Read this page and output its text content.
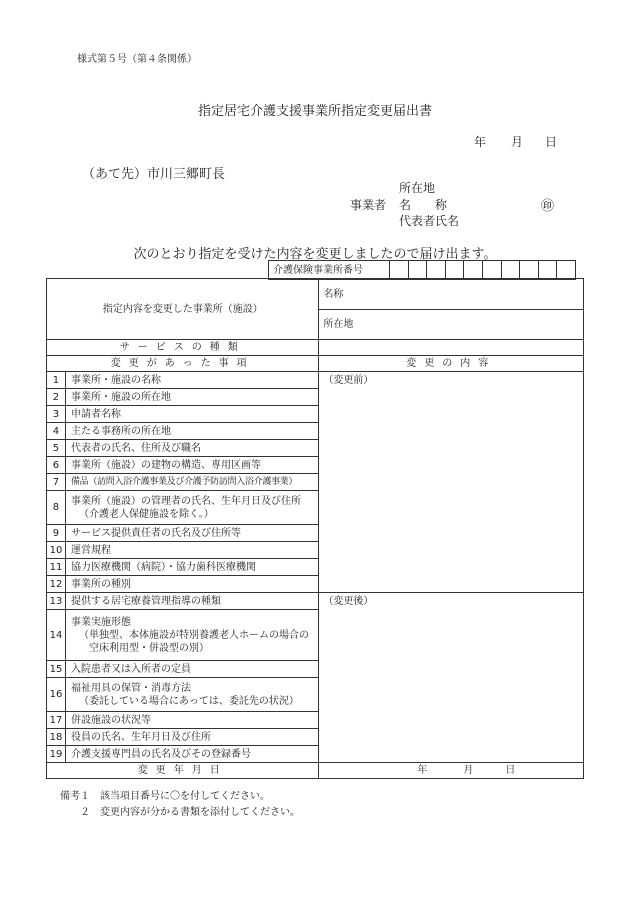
様式第５号（第４条関係）
指定居宅介護支援事業所指定変更届出書
年 月 日
（あて先）市川三郷町長
所在地
事業者 名　　称	㊞
代表者氏名
次のとおり指定を受けた内容を変更しましたので届け出ます。
介護保険事業所番号										
指定内容を変更した事業所（施設）		名称
		所在地
サービスの種類		
変更があった事項		変更の内容
1	事業所・施設の名称	（変更前）
2	事業所・施設の所在地	
3	申請者名称	
4	主たる事務所の所在地	
5	代表者の氏名、住所及び職名	
6	事業所（施設）の建物の構造、専用区画等	
7	備品（訪問入浴介護事業及び介護予防訪問入浴介護事業）	
8	事業所（施設）の管理者の氏名、生年月日及び住所
（介護老人保健施設を除く。）	

9	サービス提供責任者の氏名及び住所等	
10	運営規程	
11	協力医療機関（病院）・協力歯科医療機関	
12	事業所の種別	
13	提供する居宅療養管理指導の種類	（変更後）
14	事業実施形態
（単独型、本体施設が特別養護老人ホームの場合の
空床利用型・併設型の別）	

15	入院患者又は入所者の定員	
16	福祉用具の保管・消毒方法
（委託している場合にあっては、委託先の状況）	

17	併設施設の状況等	
18	役員の氏名、生年月日及び住所	
19	介護支援専門員の氏名及びその登録番号	
変更年月日		年 月 日
備考１ 該当項目番号に〇を付してください。
２ 変更内容が分かる書類を添付してください。
